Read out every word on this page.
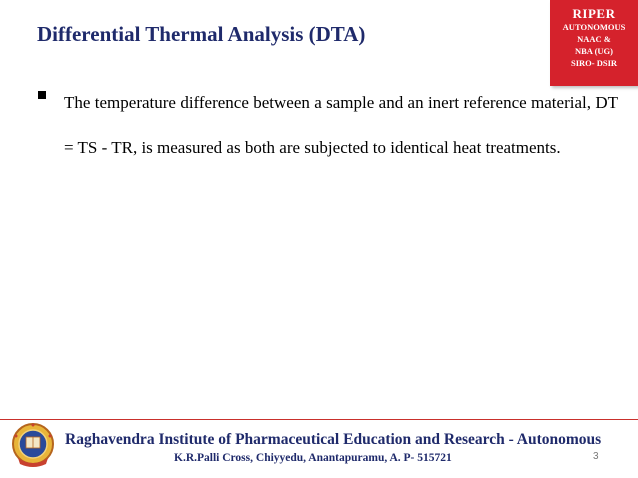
Differential Thermal Analysis (DTA)
RIPER
AUTONOMOUS
NAAC &
NBA (UG)
SIRO- DSIR
The temperature difference between a sample and an inert reference material, DT = TS - TR, is measured as both are subjected to identical heat treatments.
Raghavendra Institute of Pharmaceutical Education and Research - Autonomous
K.R.Palli Cross, Chiyyedu, Anantapuramu, A. P- 515721	3
